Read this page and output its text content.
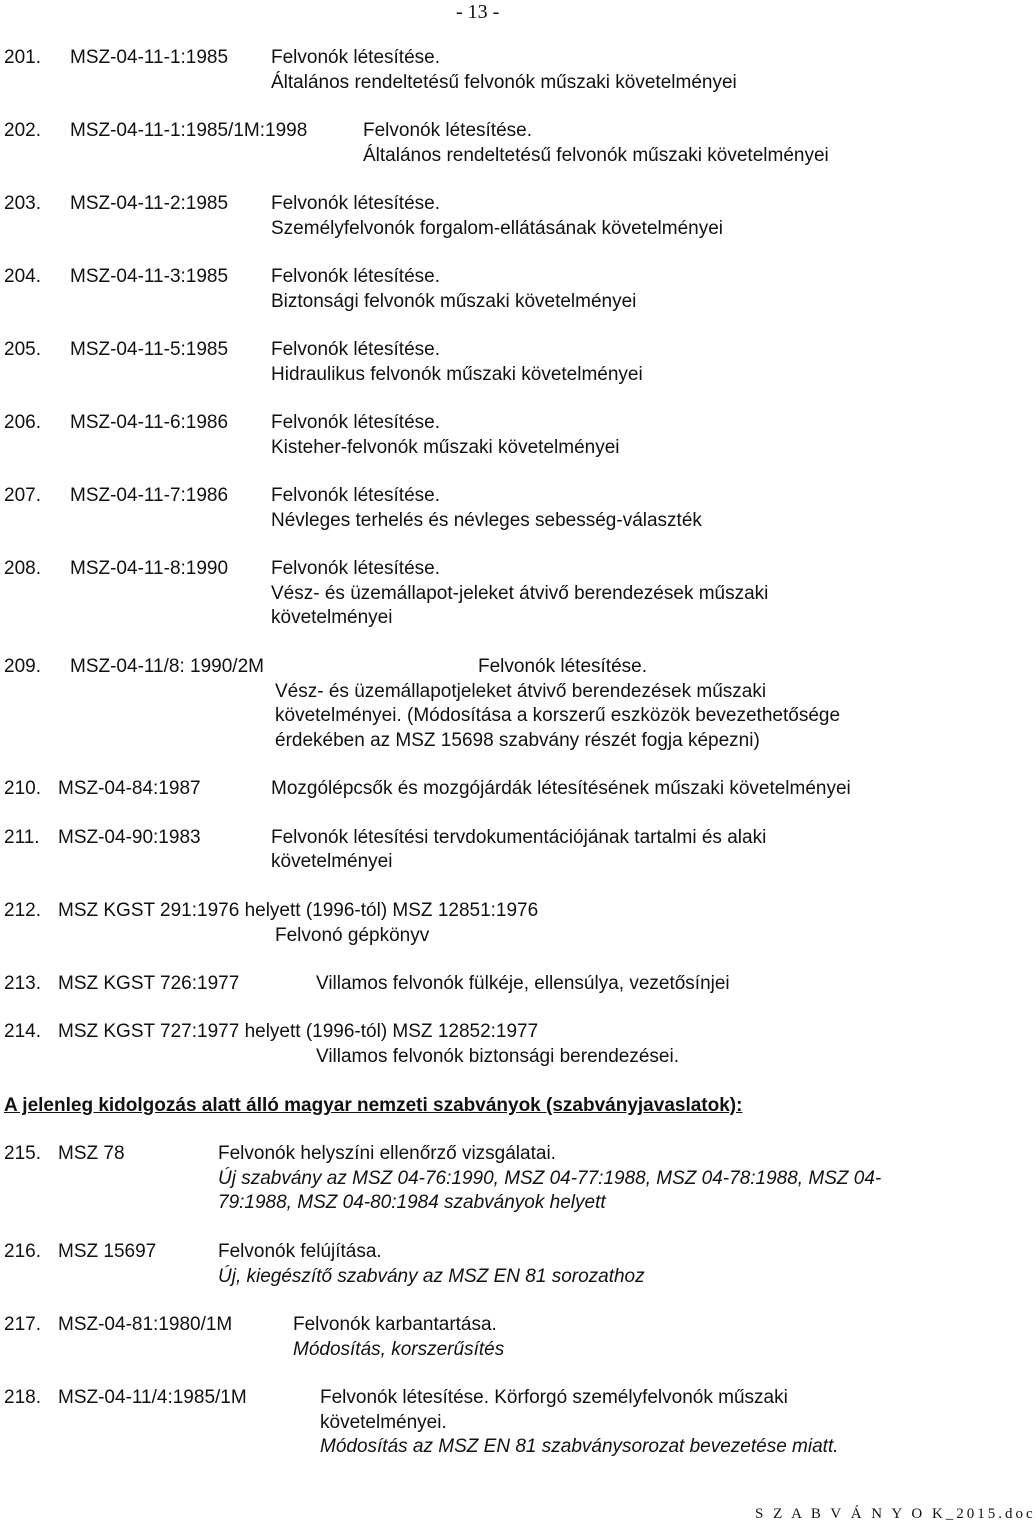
- 13 -
201. MSZ-04-11-1:1985 Felvonók létesítése.
Általános rendeltetésű felvonók műszaki követelményei
202. MSZ-04-11-1:1985/1M:1998	Felvonók létesítése.
Általános rendeltetésű felvonók műszaki követelményei
203. MSZ-04-11-2:1985 Felvonók létesítése.
Személyfelvonók forgalom-ellátásának követelményei
204. MSZ-04-11-3:1985 Felvonók létesítése.
Biztonsági felvonók műszaki követelményei
205. MSZ-04-11-5:1985 Felvonók létesítése.
Hidraulikus felvonók műszaki követelményei
206. MSZ-04-11-6:1986 Felvonók létesítése.
Kisteher-felvonók műszaki követelményei
207. MSZ-04-11-7:1986 Felvonók létesítése.
Névleges terhelés és névleges sebesség-választék
208. MSZ-04-11-8:1990 Felvonók létesítése.
Vész- és üzemállapot-jeleket átvivő berendezések műszaki
követelményei
209. MSZ-04-11/8: 1990/2M	Felvonók létesítése.
Vész- és üzemállapotjeleket átvivő berendezések műszaki
követelményei. (Módosítása a korszerű eszközök bevezethetősége
érdekében az MSZ 15698 szabvány részét fogja képezni)
210. MSZ-04-84:1987	Mozgólépcsők és mozgójárdák létesítésének műszaki követelményei
211. MSZ-04-90:1983	Felvonók létesítési tervdokumentációjának tartalmi és alaki
követelményei
212. MSZ KGST 291:1976 helyett (1996-tól) MSZ 12851:1976
Felvonó gépkönyv
213. MSZ KGST 726:1977	Villamos felvonók fülkéje, ellensúlya, vezetősínjei
214. MSZ KGST 727:1977 helyett (1996-tól) MSZ 12852:1977
Villamos felvonók biztonsági berendezései.
A jelenleg kidolgozás alatt álló magyar nemzeti szabványok (szabványjavaslatok):
215. MSZ 78	Felvonók helyszíni ellenőrző vizsgálatai.
Új szabvány az MSZ 04-76:1990, MSZ 04-77:1988, MSZ 04-78:1988, MSZ 04-
79:1988, MSZ 04-80:1984 szabványok helyett
216. MSZ 15697	Felvonók felújítása.
Új, kiegészítő szabvány az MSZ EN 81 sorozathoz
217. MSZ-04-81:1980/1M	Felvonók karbantartása.
Módosítás, korszerűsítés
218. MSZ-04-11/4:1985/1M	Felvonók létesítése. Körforgó személyfelvonók műszaki
követelményei.
Módosítás az MSZ EN 81 szabványsorozat bevezetése miatt.
S Z A B V Á N Y O K_2015.doc
